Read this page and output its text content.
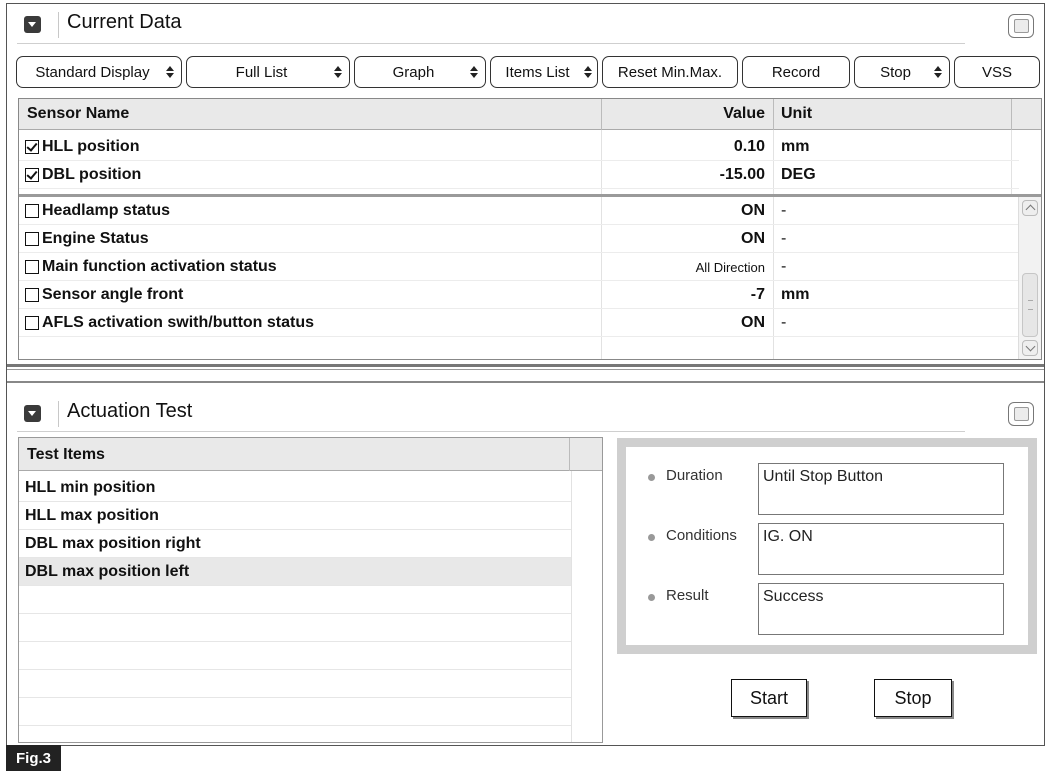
Current Data
Standard Display	Full List	Graph	Items List	Reset Min.Max.	Record	Stop	VSS
Sensor Name	Value Unit
HLL position	0.10 mm
DBL position	-15.00 DEG
Headlamp status	ON -
Engine Status	ON -
Main function activation status	All Direction -
Sensor angle front	-7 mm
AFLS activation swith/button status	ON -
Actuation Test
Test Items
HLL min position
HLL max position
DBL max position right
DBL max position left
Duration	Until Stop Button
Conditions	IG. ON
Result	Success
Start	Stop
Fig.3
